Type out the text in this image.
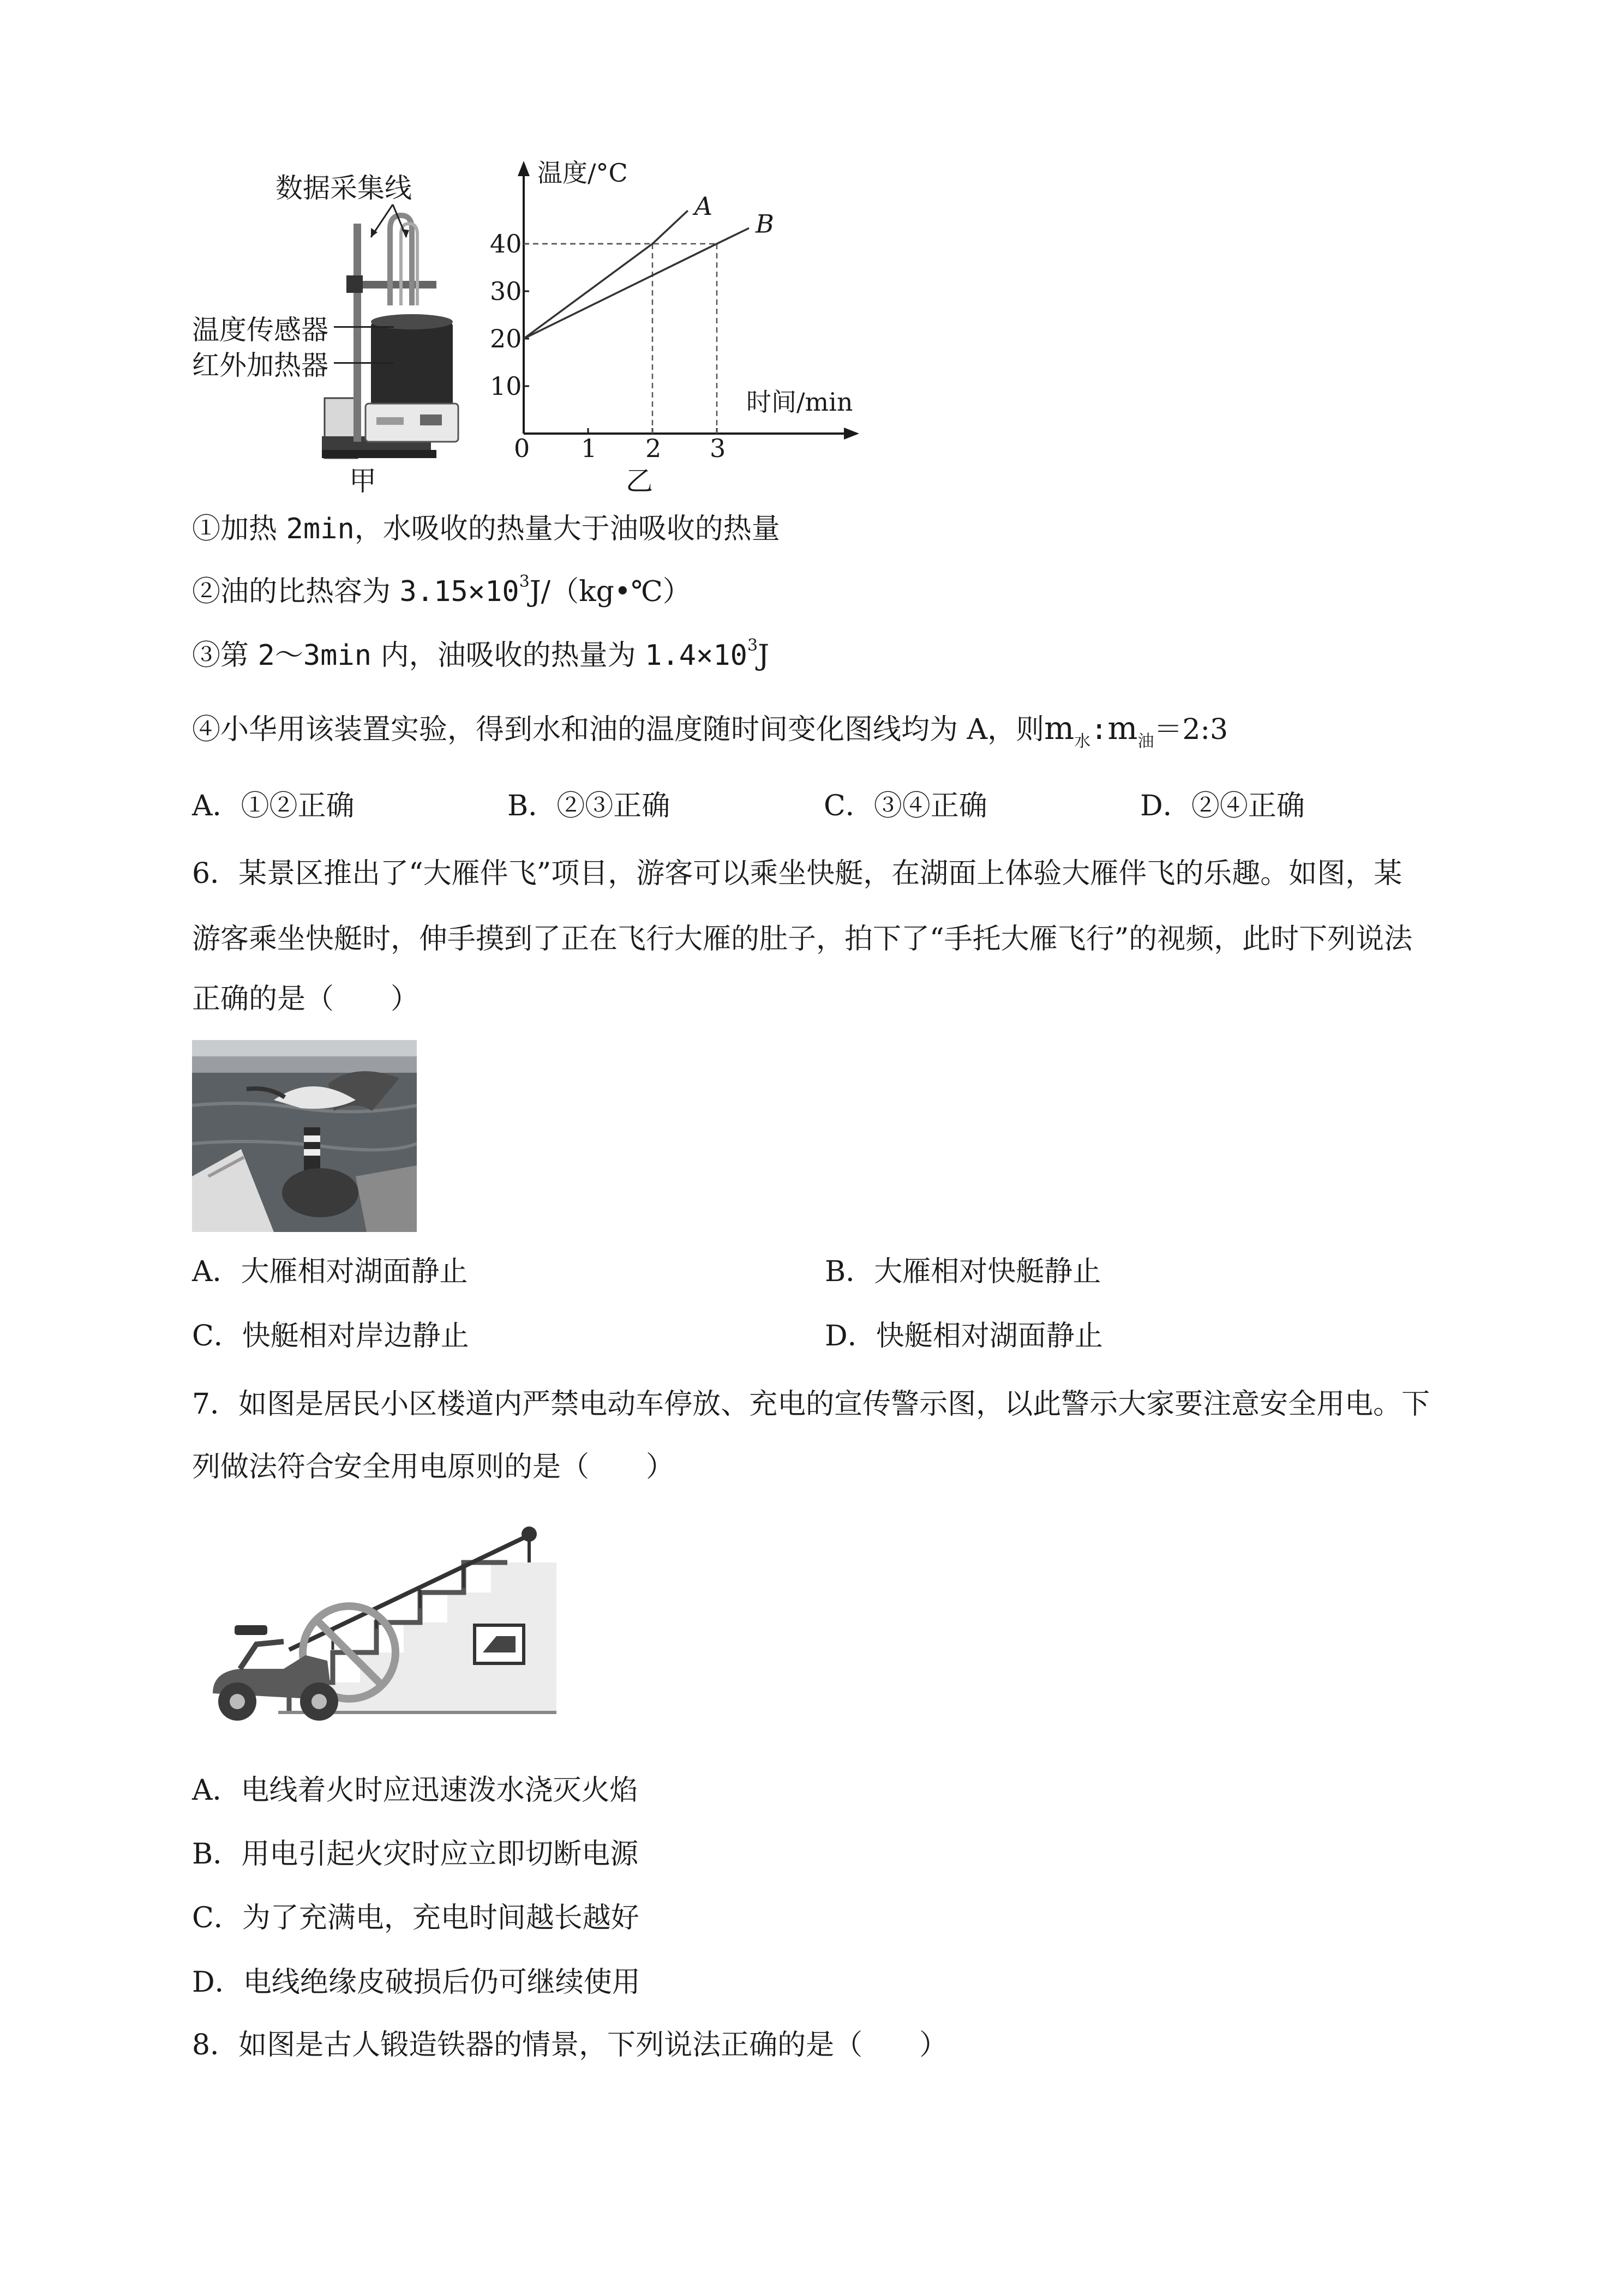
数据采集线
温度传感器
红外加热器
甲
温度/°C
时间/min
0
10
20
30
40
1 2 3
A
B
乙
①加热 2min，水吸收的热量大于油吸收的热量
②油的比热容为 $3.15\times 10^3J/(kg•℃)$
③第 2～3min 内，油吸收的热量为 $1.4\times 10^3J$
④小华用该装置实验，得到水和油的温度随时间变化图线均为 A，则$m_水:m_油=2:3$
A．①②正确	B．②③正确	C．③④正确	D．②④正确
6．某景区推出了“大雁伴飞”项目，游客可以乘坐快艇，在湖面上体验大雁伴飞的乐趣。如图，某
游客乘坐快艇时，伸手摸到了正在飞行大雁的肚子，拍下了“手托大雁飞行”的视频，此时下列说法
正确的是（　　）
A．大雁相对湖面静止	B．大雁相对快艇静止
C．快艇相对岸边静止	D．快艇相对湖面静止
7．如图是居民小区楼道内严禁电动车停放、充电的宣传警示图，以此警示大家要注意安全用电。下
列做法符合安全用电原则的是（　　）
A．电线着火时应迅速泼水浇灭火焰
B．用电引起火灾时应立即切断电源
C．为了充满电，充电时间越长越好
D．电线绝缘皮破损后仍可继续使用
8．如图是古人锻造铁器的情景，下列说法正确的是（　　）
